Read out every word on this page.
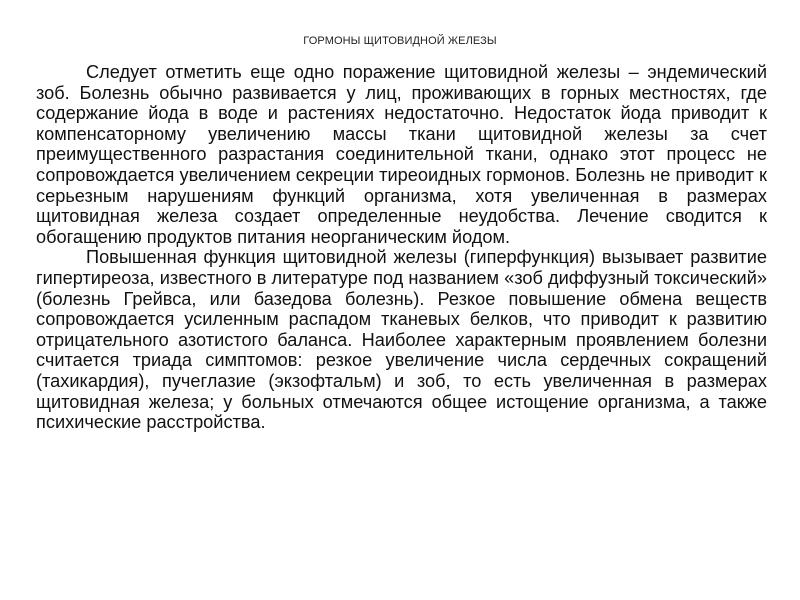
ГОРМОНЫ ЩИТОВИДНОЙ ЖЕЛЕЗЫ

Следует отметить еще одно поражение щитовидной железы – эндемический зоб. Болезнь обычно развивается у лиц, проживающих в горных местностях, где содержание йода в воде и растениях недостаточно. Недостаток йода приводит к компенсаторному увеличению массы ткани щитовидной железы за счет преимущественного разрастания соединительной ткани, однако этот процесс не сопровождается увеличением секреции тиреоидных гормонов. Болезнь не приводит к серьезным нарушениям функций организма, хотя увеличенная в размерах щитовидная железа создает определенные неудобства. Лечение сводится к обогащению продуктов питания неорганическим йодом.

Повышенная функция щитовидной железы (гиперфункция) вызывает развитие гипертиреоза, известного в литературе под названием «зоб диффузный токсический» (болезнь Грейвса, или базедова болезнь). Резкое повышение обмена веществ сопровождается усиленным распадом тканевых белков, что приводит к развитию отрицательного азотистого баланса. Наиболее характерным проявлением болезни считается триада симптомов: резкое увеличение числа сердечных сокращений (тахикардия), пучеглазие (экзофтальм) и зоб, то есть увеличенная в размерах щитовидная железа; у больных отмечаются общее истощение организма, а также психические расстройства.
